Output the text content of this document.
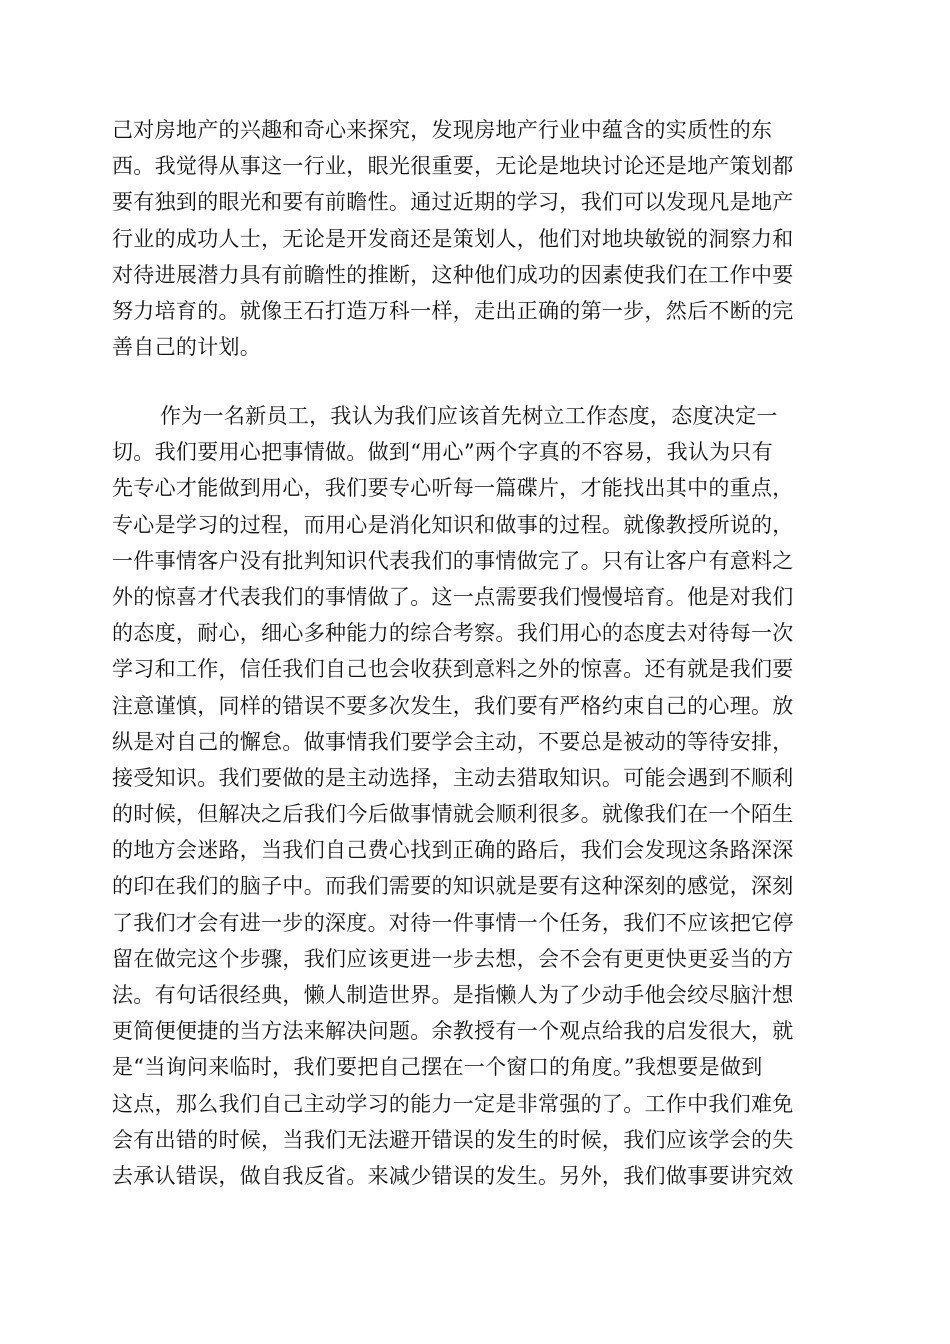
己对房地产的兴趣和奇心来探究，发现房地产行业中蕴含的实质性的东
西。我觉得从事这一行业，眼光很重要，无论是地块讨论还是地产策划都
要有独到的眼光和要有前瞻性。通过近期的学习，我们可以发现凡是地产
行业的成功人士，无论是开发商还是策划人，他们对地块敏锐的洞察力和
对待进展潜力具有前瞻性的推断，这种他们成功的因素使我们在工作中要
努力培育的。就像王石打造万科一样，走出正确的第一步，然后不断的完
善自己的计划。
作为一名新员工，我认为我们应该首先树立工作态度，态度决定一
切。我们要用心把事情做。做到“用心”两个字真的不容易，我认为只有
先专心才能做到用心，我们要专心听每一篇碟片，才能找出其中的重点，
专心是学习的过程，而用心是消化知识和做事的过程。就像教授所说的，
一件事情客户没有批判知识代表我们的事情做完了。只有让客户有意料之
外的惊喜才代表我们的事情做了。这一点需要我们慢慢培育。他是对我们
的态度，耐心，细心多种能力的综合考察。我们用心的态度去对待每一次
学习和工作，信任我们自己也会收获到意料之外的惊喜。还有就是我们要
注意谨慎，同样的错误不要多次发生，我们要有严格约束自己的心理。放
纵是对自己的懈怠。做事情我们要学会主动，不要总是被动的等待安排，
接受知识。我们要做的是主动选择，主动去猎取知识。可能会遇到不顺利
的时候，但解决之后我们今后做事情就会顺利很多。就像我们在一个陌生
的地方会迷路，当我们自己费心找到正确的路后，我们会发现这条路深深
的印在我们的脑子中。而我们需要的知识就是要有这种深刻的感觉，深刻
了我们才会有进一步的深度。对待一件事情一个任务，我们不应该把它停
留在做完这个步骤，我们应该更进一步去想，会不会有更更快更妥当的方
法。有句话很经典，懒人制造世界。是指懒人为了少动手他会绞尽脑汁想
更简便便捷的当方法来解决问题。余教授有一个观点给我的启发很大，就
是“当询问来临时，我们要把自己摆在一个窗口的角度。”我想要是做到
这点，那么我们自己主动学习的能力一定是非常强的了。工作中我们难免
会有出错的时候，当我们无法避开错误的发生的时候，我们应该学会的失
去承认错误，做自我反省。来减少错误的发生。另外，我们做事要讲究效
